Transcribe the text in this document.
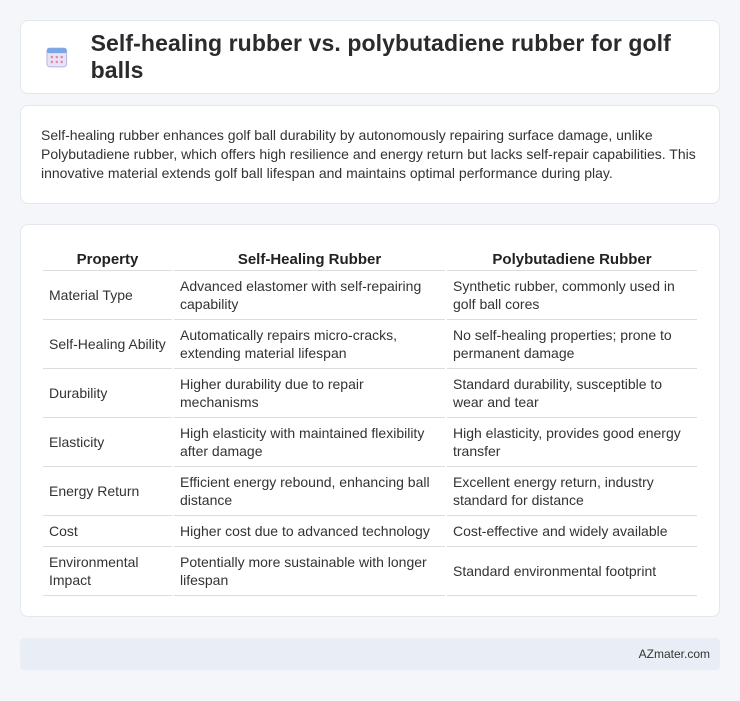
Self-healing rubber vs. polybutadiene rubber for golf balls

Self-healing rubber enhances golf ball durability by autonomously repairing surface damage, unlike Polybutadiene rubber, which offers high resilience and energy return but lacks self-repair capabilities. This innovative material extends golf ball lifespan and maintains optimal performance during play.

Property	Self-Healing Rubber	Polybutadiene Rubber
Material Type	Advanced elastomer with self-repairing capability	Synthetic rubber, commonly used in golf ball cores
Self-Healing Ability	Automatically repairs micro-cracks, extending material lifespan	No self-healing properties; prone to permanent damage
Durability	Higher durability due to repair mechanisms	Standard durability, susceptible to wear and tear
Elasticity	High elasticity with maintained flexibility after damage	High elasticity, provides good energy transfer
Energy Return	Efficient energy rebound, enhancing ball distance	Excellent energy return, industry standard for distance
Cost	Higher cost due to advanced technology	Cost-effective and widely available
Environmental Impact	Potentially more sustainable with longer lifespan	Standard environmental footprint
AZmater.com
